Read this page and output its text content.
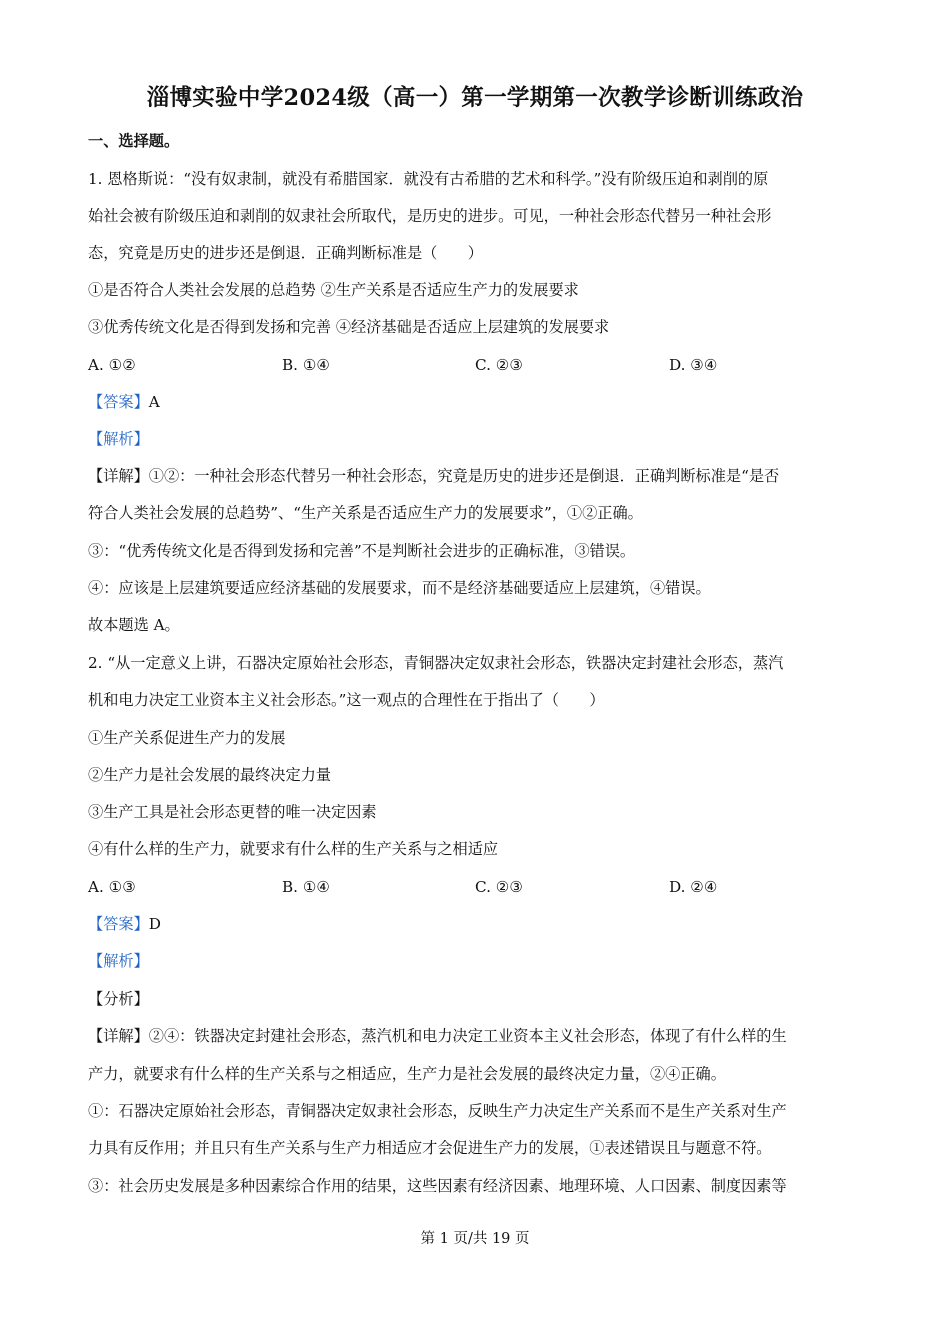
淄博实验中学2024级（高一）第一学期第一次教学诊断训练政治
一、选择题。
1. 恩格斯说：“没有奴隶制，就没有希腊国家．就没有古希腊的艺术和科学。”没有阶级压迫和剥削的原
始社会被有阶级压迫和剥削的奴隶社会所取代，是历史的进步。可见，一种社会形态代替另一种社会形
态，究竟是历史的进步还是倒退．正确判断标准是（　　）
①是否符合人类社会发展的总趋势 ②生产关系是否适应生产力的发展要求
③优秀传统文化是否得到发扬和完善 ④经济基础是否适应上层建筑的发展要求
A. ①②	B. ①④	C. ②③	D. ③④
【答案】A
【解析】
【详解】①②：一种社会形态代替另一种社会形态，究竟是历史的进步还是倒退．正确判断标准是“是否
符合人类社会发展的总趋势”、“生产关系是否适应生产力的发展要求”，①②正确。
③：“优秀传统文化是否得到发扬和完善”不是判断社会进步的正确标准，③错误。
④：应该是上层建筑要适应经济基础的发展要求，而不是经济基础要适应上层建筑，④错误。
故本题选 A。
2. “从一定意义上讲，石器决定原始社会形态，青铜器决定奴隶社会形态，铁器决定封建社会形态，蒸汽
机和电力决定工业资本主义社会形态。”这一观点的合理性在于指出了（　　）
①生产关系促进生产力的发展
②生产力是社会发展的最终决定力量
③生产工具是社会形态更替的唯一决定因素
④有什么样的生产力，就要求有什么样的生产关系与之相适应
A. ①③	B. ①④	C. ②③	D. ②④
【答案】D
【解析】
【分析】
【详解】②④：铁器决定封建社会形态，蒸汽机和电力决定工业资本主义社会形态，体现了有什么样的生
产力，就要求有什么样的生产关系与之相适应，生产力是社会发展的最终决定力量，②④正确。
①：石器决定原始社会形态，青铜器决定奴隶社会形态，反映生产力决定生产关系而不是生产关系对生产
力具有反作用；并且只有生产关系与生产力相适应才会促进生产力的发展，①表述错误且与题意不符。
③：社会历史发展是多种因素综合作用的结果，这些因素有经济因素、地理环境、人口因素、制度因素等
第 1 页/共 19 页
